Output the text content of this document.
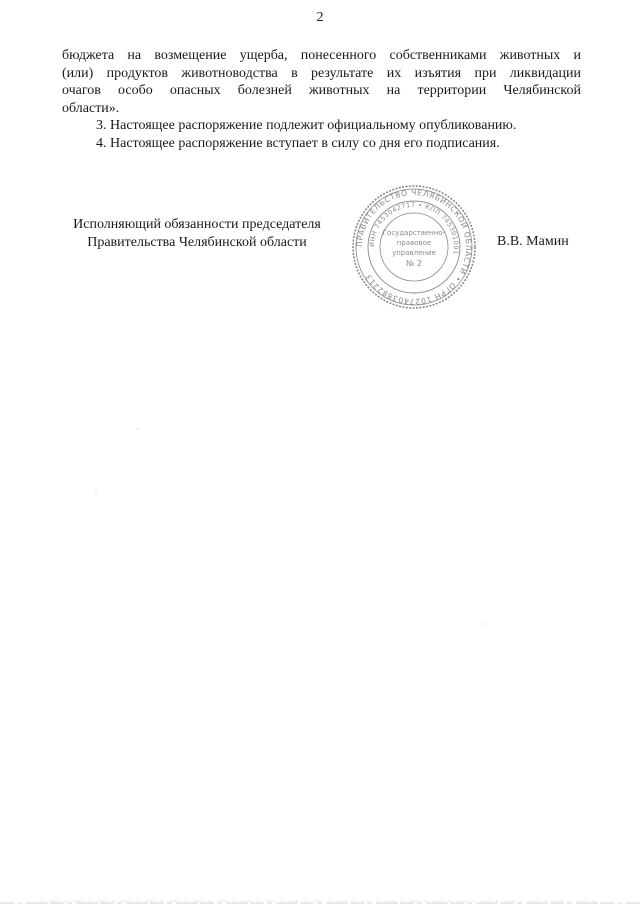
2

бюджета на возмещение ущерба, понесенного собственниками животных и

(или) продуктов животноводства в результате их изъятия при ликвидации

очагов особо опасных болезней животных на территории Челябинской

области».

3. Настоящее распоряжение подлежит официальному опубликованию.

4. Настоящее распоряжение вступает в силу со дня его подписания.

Исполняющий обязанности председателя
Правительства Челябинской области	В.В. Мамин
ПРАВИТЕЛЬСТВО ЧЕЛЯБИНСКОЙ ОБЛАСТИ • ОГРН 1027403882213
ИНН 7453042717 • КПП 745301001
Государственно-
правовое
управление
№ 2
